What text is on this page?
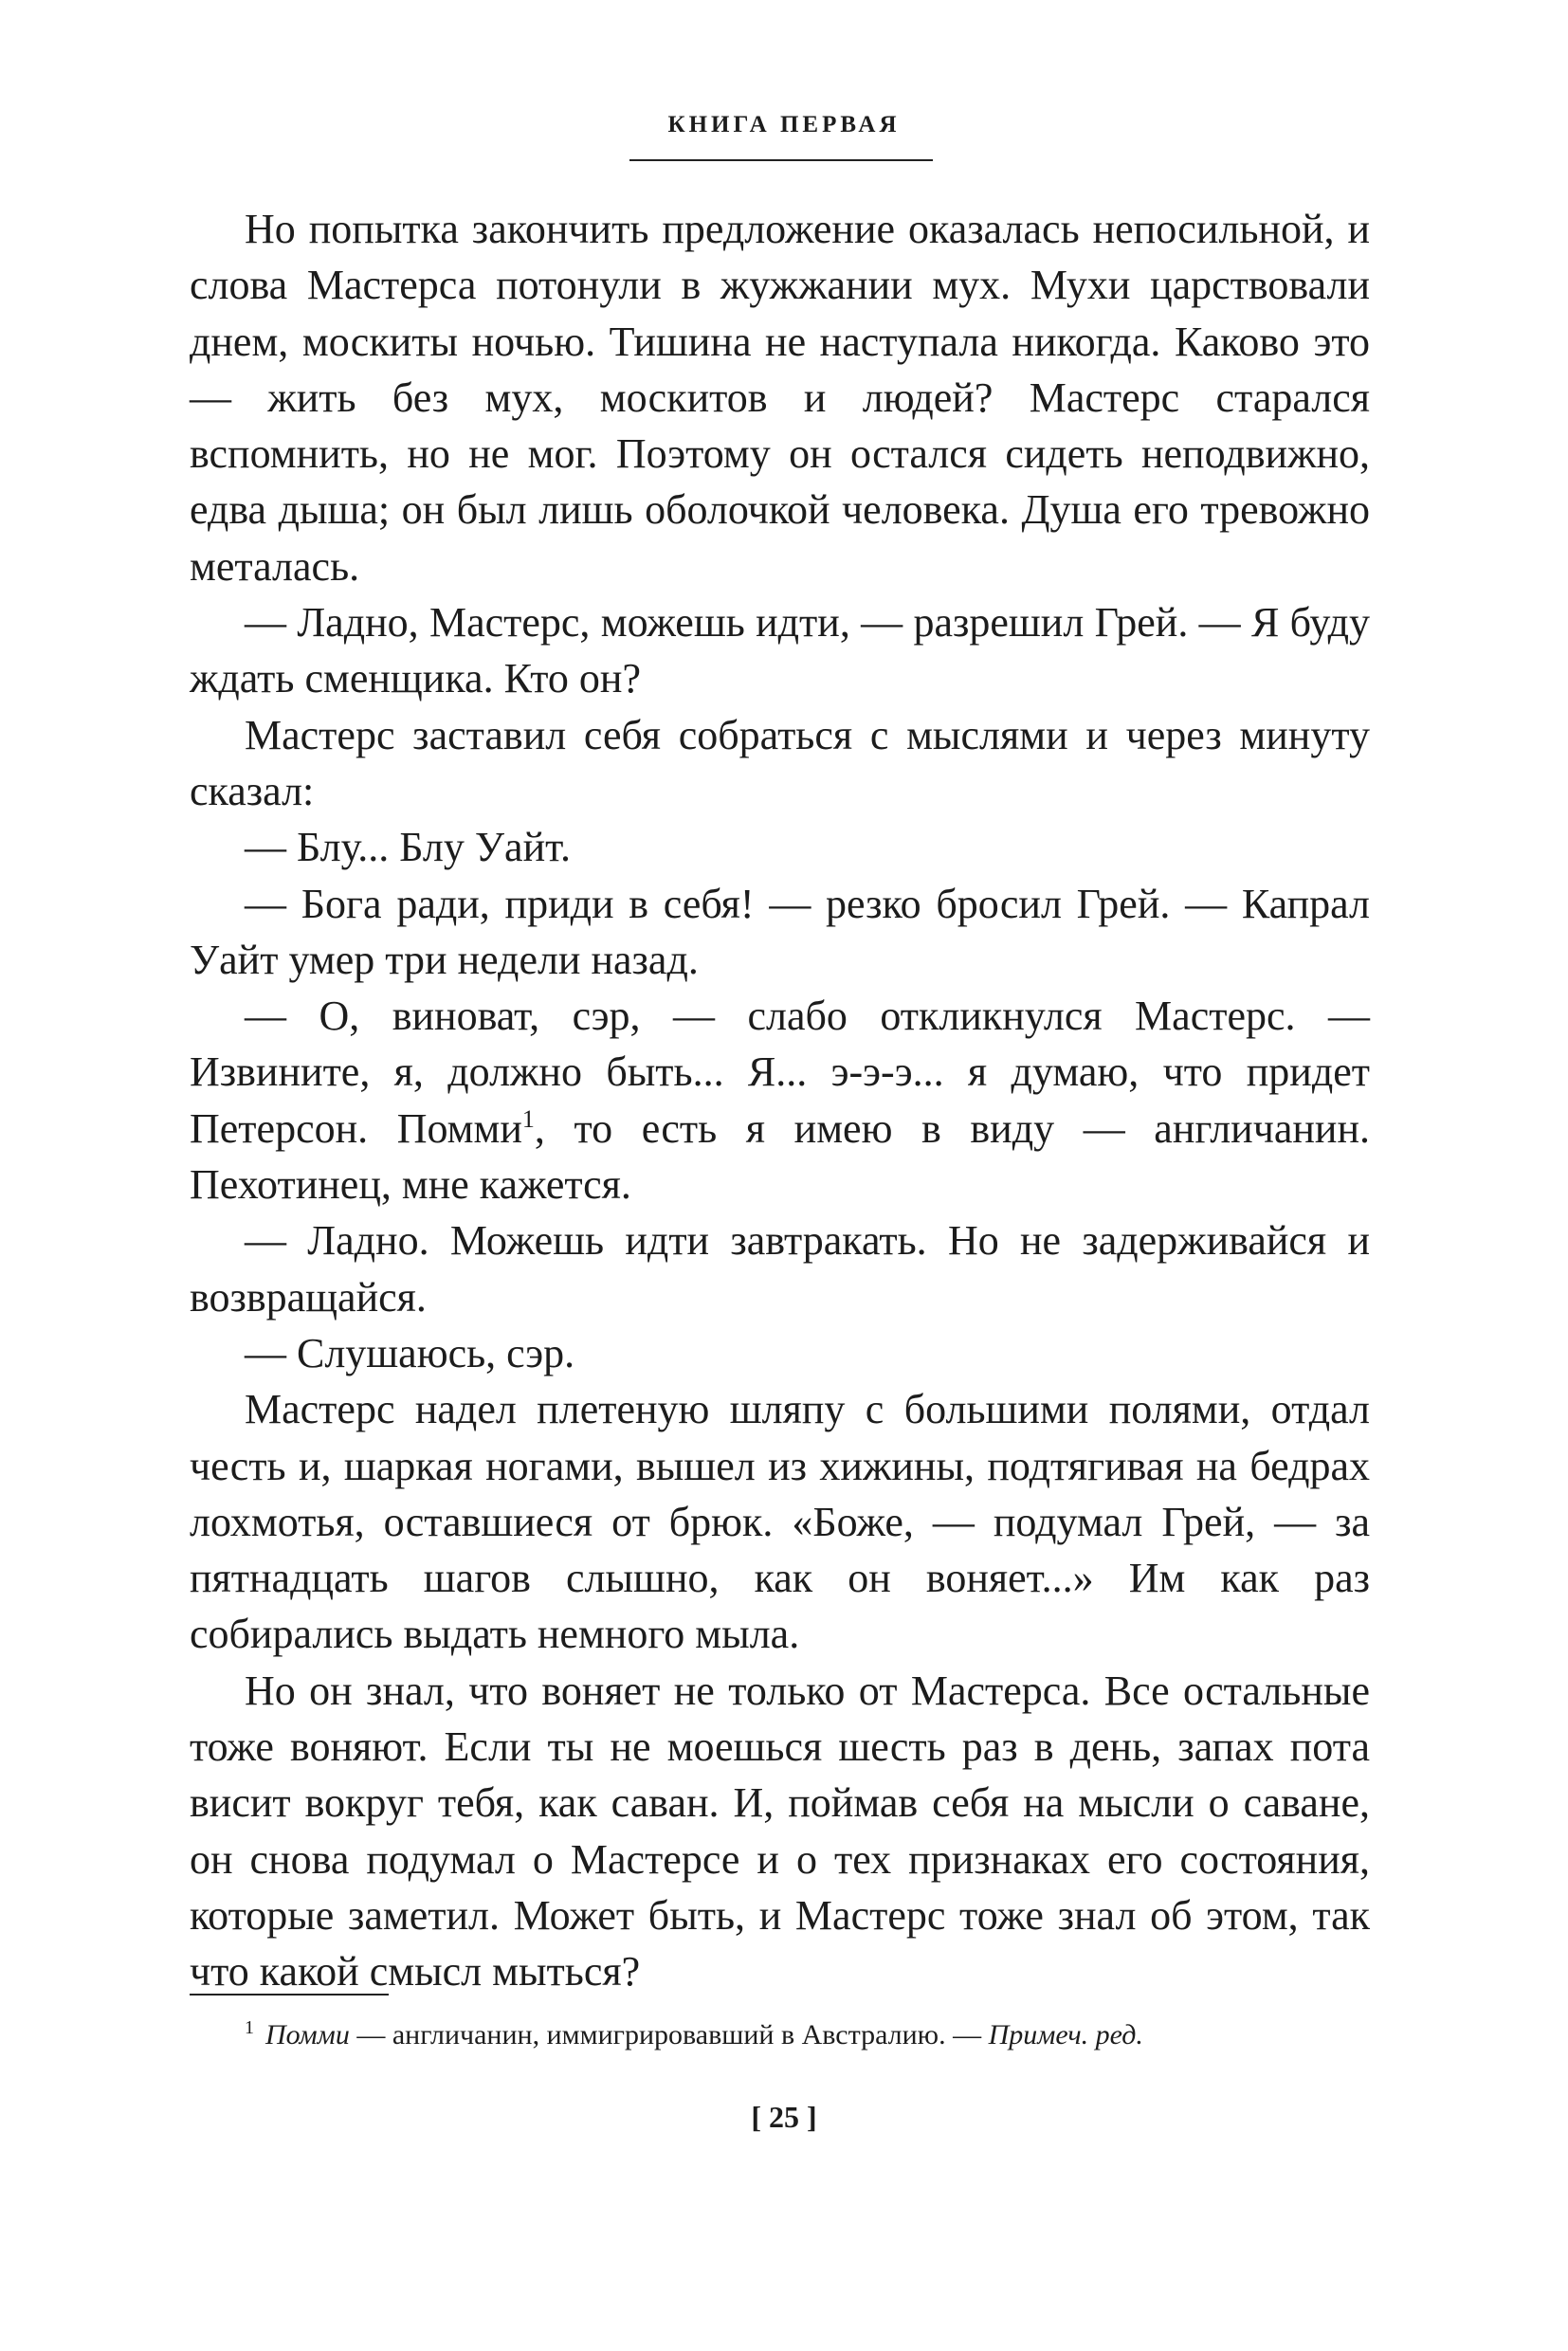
КНИГА ПЕРВАЯ

Но попытка закончить предложение оказалась непосильной, и слова Мастерса потонули в жужжании мух. Мухи царствовали днем, москиты ночью. Тишина не наступала никогда. Каково это — жить без мух, москитов и людей? Мастерс старался вспомнить, но не мог. Поэтому он остался сидеть неподвижно, едва дыша; он был лишь оболочкой человека. Душа его тревожно металась.

— Ладно, Мастерс, можешь идти, — разрешил Грей. — Я буду ждать сменщика. Кто он?

Мастерс заставил себя собраться с мыслями и через минуту сказал:

— Блу... Блу Уайт.

— Бога ради, приди в себя! — резко бросил Грей. — Капрал Уайт умер три недели назад.

— О, виноват, сэр, — слабо откликнулся Мастерс. — Извините, я, должно быть... Я... э-э-э... я думаю, что придет Петерсон. Помми$^1$, то есть я имею в виду — англичанин. Пехотинец, мне кажется.

— Ладно. Можешь идти завтракать. Но не задерживайся и возвращайся.

— Слушаюсь, сэр.

Мастерс надел плетеную шляпу с большими полями, отдал честь и, шаркая ногами, вышел из хижины, подтягивая на бедрах лохмотья, оставшиеся от брюк. «Боже, — подумал Грей, — за пятнадцать шагов слышно, как он воняет...» Им как раз собирались выдать немного мыла.

Но он знал, что воняет не только от Мастерса. Все остальные тоже воняют. Если ты не моешься шесть раз в день, запах пота висит вокруг тебя, как саван. И, поймав себя на мысли о саване, он снова подумал о Мастерсе и о тех признаках его состояния, которые заметил. Может быть, и Мастерс тоже знал об этом, так что какой смысл мыться?

$^1$ Помми — англичанин, иммигрировавший в Австралию. — Примеч. ред.
[ 25 ]
